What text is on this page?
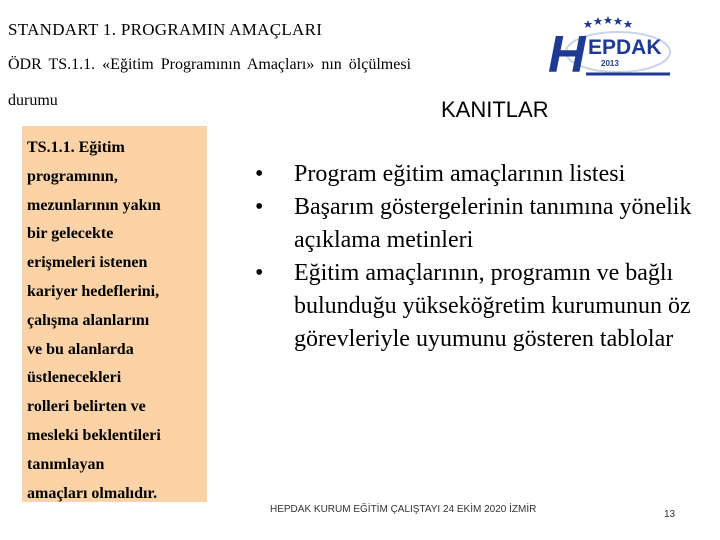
STANDART 1. PROGRAMIN AMAÇLARI
ÖDR TS.1.1. «Eğitim Programının Amaçları» nın ölçülmesi
durumu
H EPDAK
2013
KANITLAR
TS.1.1. Eğitim
programının,
mezunlarının yakın
bir gelecekte
erişmeleri istenen
kariyer hedeflerini,
çalışma alanlarını
ve bu alanlarda
üstlenecekleri
rolleri belirten ve
mesleki beklentileri
tanımlayan
amaçları olmalıdır.
• Program eğitim amaçlarının listesi
• Başarım göstergelerinin tanımına yönelik açıklama metinleri
• Eğitim amaçlarının, programın ve bağlı bulunduğu yükseköğretim kurumunun öz görevleriyle uyumunu gösteren tablolar
HEPDAK KURUM EĞİTİM ÇALIŞTAYI 24 EKİM 2020 İZMİR	13
